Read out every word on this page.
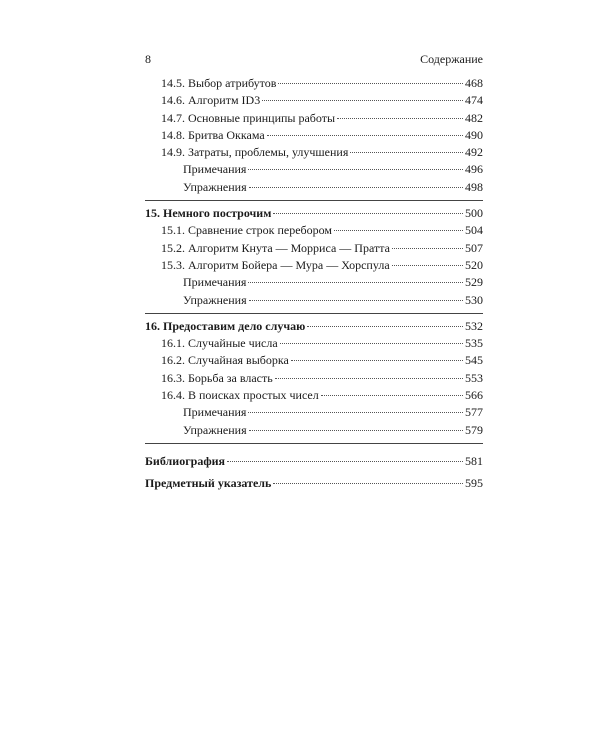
8	Содержание
14.5. Выбор атрибутов	468
14.6. Алгоритм ID3	474
14.7. Основные принципы работы	482
14.8. Бритва Оккама	490
14.9. Затраты, проблемы, улучшения	492
Примечания	496
Упражнения	498
15. Немного построчим	500
15.1. Сравнение строк перебором	504
15.2. Алгоритм Кнута — Морриса — Пратта	507
15.3. Алгоритм Бойера — Мура — Хорспула	520
Примечания	529
Упражнения	530
16. Предоставим дело случаю	532
16.1. Случайные числа	535
16.2. Случайная выборка	545
16.3. Борьба за власть	553
16.4. В поисках простых чисел	566
Примечания	577
Упражнения	579
Библиография	581
Предметный указатель	595
